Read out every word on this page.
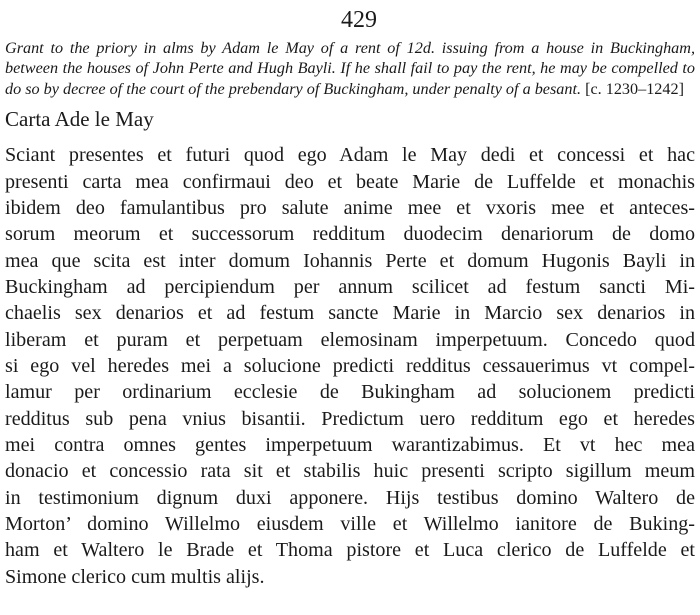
429

Grant to the priory in alms by Adam le May of a rent of 12d. issuing from a house in Buckingham, between the houses of John Perte and Hugh Bayli. If he shall fail to pay the rent, he may be compelled to do so by decree of the court of the prebendary of Buckingham, under penalty of a besant. [c. 1230–1242]

Carta Ade le May
Sciant presentes et futuri quod ego Adam le May dedi et concessi et hac
presenti carta mea confirmaui deo et beate Marie de Luffelde et monachis
ibidem deo famulantibus pro salute anime mee et vxoris mee et anteces-
sorum meorum et successorum redditum duodecim denariorum de domo
mea que scita est inter domum Iohannis Perte et domum Hugonis Bayli in
Buckingham ad percipiendum per annum scilicet ad festum sancti Mi-
chaelis sex denarios et ad festum sancte Marie in Marcio sex denarios in
liberam et puram et perpetuam elemosinam imperpetuum. Concedo quod
si ego vel heredes mei a solucione predicti redditus cessauerimus vt compel-
lamur per ordinarium ecclesie de Bukingham ad solucionem predicti
redditus sub pena vnius bisantii. Predictum uero redditum ego et heredes
mei contra omnes gentes imperpetuum warantizabimus. Et vt hec mea
donacio et concessio rata sit et stabilis huic presenti scripto sigillum meum
in testimonium dignum duxi apponere. Hijs testibus domino Waltero de
Morton’ domino Willelmo eiusdem ville et Willelmo ianitore de Buking-
ham et Waltero le Brade et Thoma pistore et Luca clerico de Luffelde et
Simone clerico cum multis alijs.
